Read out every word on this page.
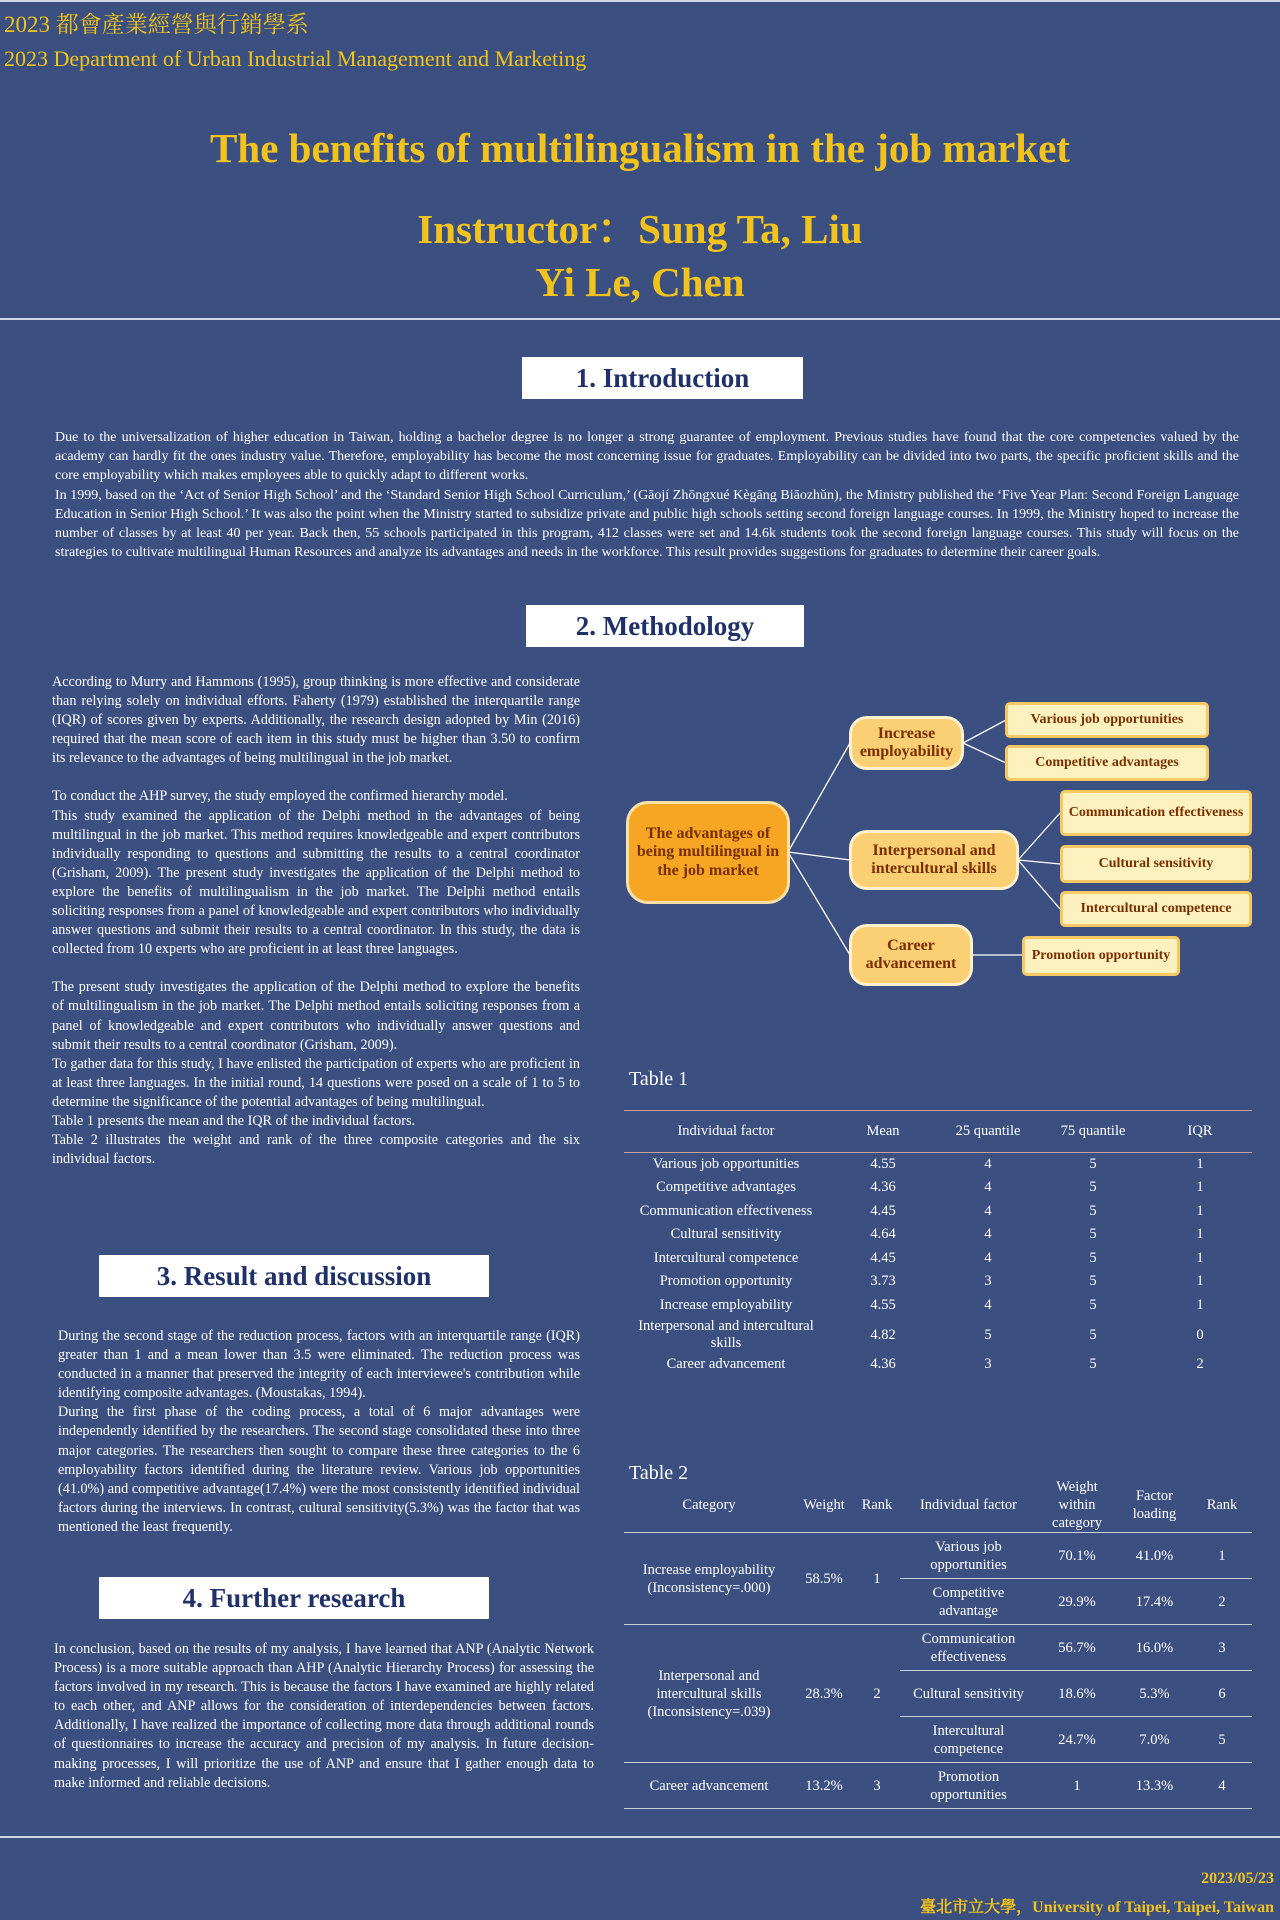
2023 都會產業經營與行銷學系
2023 Department of Urban Industrial Management and Marketing
The benefits of multilingualism in the job market
Instructor：Sung Ta, Liu
Yi Le, Chen
1. Introduction

Due to the universalization of higher education in Taiwan, holding a bachelor degree is no longer a strong guarantee of employment. Previous studies have found that the core competencies valued by the academy can hardly fit the ones industry value. Therefore, employability has become the most concerning issue for graduates. Employability can be divided into two parts, the specific proficient skills and the core employability which makes employees able to quickly adapt to different works.

In 1999, based on the ‘Act of Senior High School’ and the ‘Standard Senior High School Curriculum,’ (Gāojí Zhōngxué Kègāng Biāozhǔn), the Ministry published the ‘Five Year Plan: Second Foreign Language Education in Senior High School.’ It was also the point when the Ministry started to subsidize private and public high schools setting second foreign language courses. In 1999, the Ministry hoped to increase the number of classes by at least 40 per year. Back then, 55 schools participated in this program, 412 classes were set and 14.6k students took the second foreign language courses. This study will focus on the strategies to cultivate multilingual Human Resources and analyze its advantages and needs in the workforce. This result provides suggestions for graduates to determine their career goals.

2. Methodology

According to Murry and Hammons (1995), group thinking is more effective and considerate than relying solely on individual efforts. Faherty (1979) established the interquartile range (IQR) of scores given by experts. Additionally, the research design adopted by Min (2016) required that the mean score of each item in this study must be higher than 3.50 to confirm its relevance to the advantages of being multilingual in the job market.

To conduct the AHP survey, the study employed the confirmed hierarchy model.

This study examined the application of the Delphi method in the advantages of being multilingual in the job market. This method requires knowledgeable and expert contributors individually responding to questions and submitting the results to a central coordinator (Grisham, 2009). The present study investigates the application of the Delphi method to explore the benefits of multilingualism in the job market. The Delphi method entails soliciting responses from a panel of knowledgeable and expert contributors who individually answer questions and submit their results to a central coordinator. In this study, the data is collected from 10 experts who are proficient in at least three languages.

The present study investigates the application of the Delphi method to explore the benefits of multilingualism in the job market. The Delphi method entails soliciting responses from a panel of knowledgeable and expert contributors who individually answer questions and submit their results to a central coordinator (Grisham, 2009).

To gather data for this study, I have enlisted the participation of experts who are proficient in at least three languages. In the initial round, 14 questions were posed on a scale of 1 to 5 to determine the significance of the potential advantages of being multilingual.

Table 1 presents the mean and the IQR of the individual factors.

Table 2 illustrates the weight and rank of the three composite categories and the six individual factors.

The advantages of being multilingual in the job market
Increase employability
Interpersonal and intercultural skills
Career advancement
Various job opportunities
Competitive advantages
Communication effectiveness
Cultural sensitivity
Intercultural competence
Promotion opportunity
Table 1
Individual factor	Mean	25 quantile	75 quantile	IQR
Various job opportunities	4.55	4	5	1
Competitive advantages	4.36	4	5	1
Communication effectiveness	4.45	4	5	1
Cultural sensitivity	4.64	4	5	1
Intercultural competence	4.45	4	5	1
Promotion opportunity	3.73	3	5	1
Increase employability	4.55	4	5	1
Interpersonal and intercultural skills	4.82	5	5	0
Career advancement	4.36	3	5	2
Table 2
Category	Weight	Rank	Individual factor	Weight within category	Factor loading	Rank
Increase employability (Inconsistency=.000)	58.5%	1	Various job opportunities	70.1%	41.0%	1
			Competitive advantage	29.9%	17.4%	2
Interpersonal and intercultural skills (Inconsistency=.039)	28.3%	2	Communication effectiveness	56.7%	16.0%	3
			Cultural sensitivity	18.6%	5.3%	6
			Intercultural competence	24.7%	7.0%	5
Career advancement	13.2%	3	Promotion opportunities	1	13.3%	4
3. Result and discussion

During the second stage of the reduction process, factors with an interquartile range (IQR) greater than 1 and a mean lower than 3.5 were eliminated. The reduction process was conducted in a manner that preserved the integrity of each interviewee's contribution while identifying composite advantages. (Moustakas, 1994).

During the first phase of the coding process, a total of 6 major advantages were independently identified by the researchers. The second stage consolidated these into three major categories. The researchers then sought to compare these three categories to the 6 employability factors identified during the literature review. Various job opportunities (41.0%) and competitive advantage(17.4%) were the most consistently identified individual factors during the interviews. In contrast, cultural sensitivity(5.3%) was the factor that was mentioned the least frequently.

4. Further research

In conclusion, based on the results of my analysis, I have learned that ANP (Analytic Network Process) is a more suitable approach than AHP (Analytic Hierarchy Process) for assessing the factors involved in my research. This is because the factors I have examined are highly related to each other, and ANP allows for the consideration of interdependencies between factors. Additionally, I have realized the importance of collecting more data through additional rounds of questionnaires to increase the accuracy and precision of my analysis. In future decision-making processes, I will prioritize the use of ANP and ensure that I gather enough data to make informed and reliable decisions.

2023/05/23
臺北市立大學，University of Taipei, Taipei, Taiwan
